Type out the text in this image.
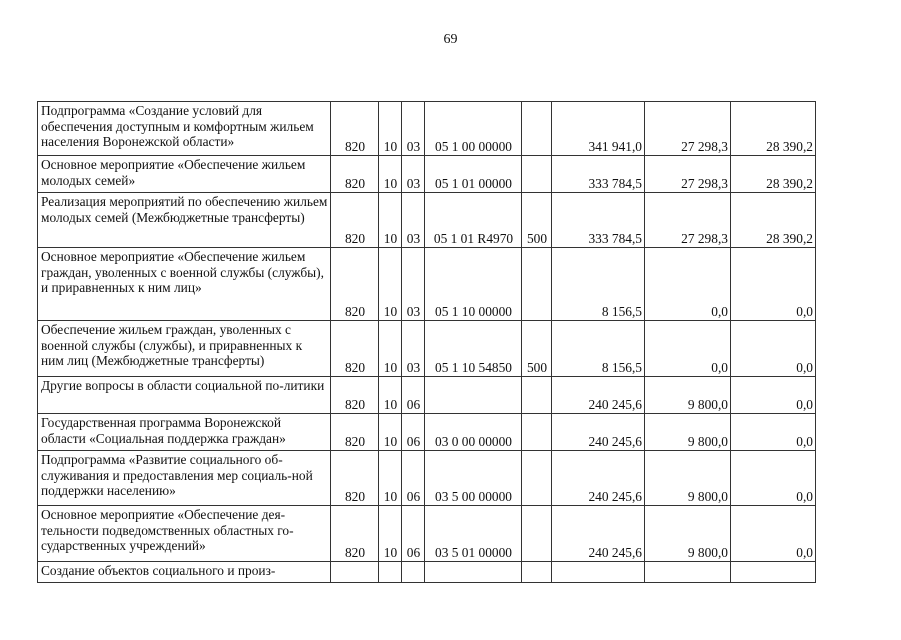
69
Подпрограмма «Создание условий для обеспечения доступным и комфортным жильем населения Воронежской области»	820	10	03	05 1 00 00000		341 941,0	27 298,3	28 390,2
Основное мероприятие «Обеспечение жильем молодых семей»	820	10	03	05 1 01 00000		333 784,5	27 298,3	28 390,2
Реализация мероприятий по обеспечению жильем молодых семей (Межбюджетные трансферты)	820	10	03	05 1 01 R4970	500	333 784,5	27 298,3	28 390,2
Основное мероприятие «Обеспечение жильем граждан, уволенных с военной службы (службы), и приравненных к ним лиц»	820	10	03	05 1 10 00000		8 156,5	0,0	0,0
Обеспечение жильем граждан, уволенных с военной службы (службы), и приравненных к ним лиц (Межбюджетные трансферты)	820	10	03	05 1 10 54850	500	8 156,5	0,0	0,0
Другие вопросы в области социальной по-литики	820	10	06			240 245,6	9 800,0	0,0
Государственная программа Воронежской области «Социальная поддержка граждан»	820	10	06	03 0 00 00000		240 245,6	9 800,0	0,0
Подпрограмма «Развитие социального об-служивания и предоставления мер социаль-ной поддержки населению»	820	10	06	03 5 00 00000		240 245,6	9 800,0	0,0
Основное мероприятие «Обеспечение дея-тельности подведомственных областных го-сударственных учреждений»	820	10	06	03 5 01 00000		240 245,6	9 800,0	0,0
Создание объектов социального и произ-								
